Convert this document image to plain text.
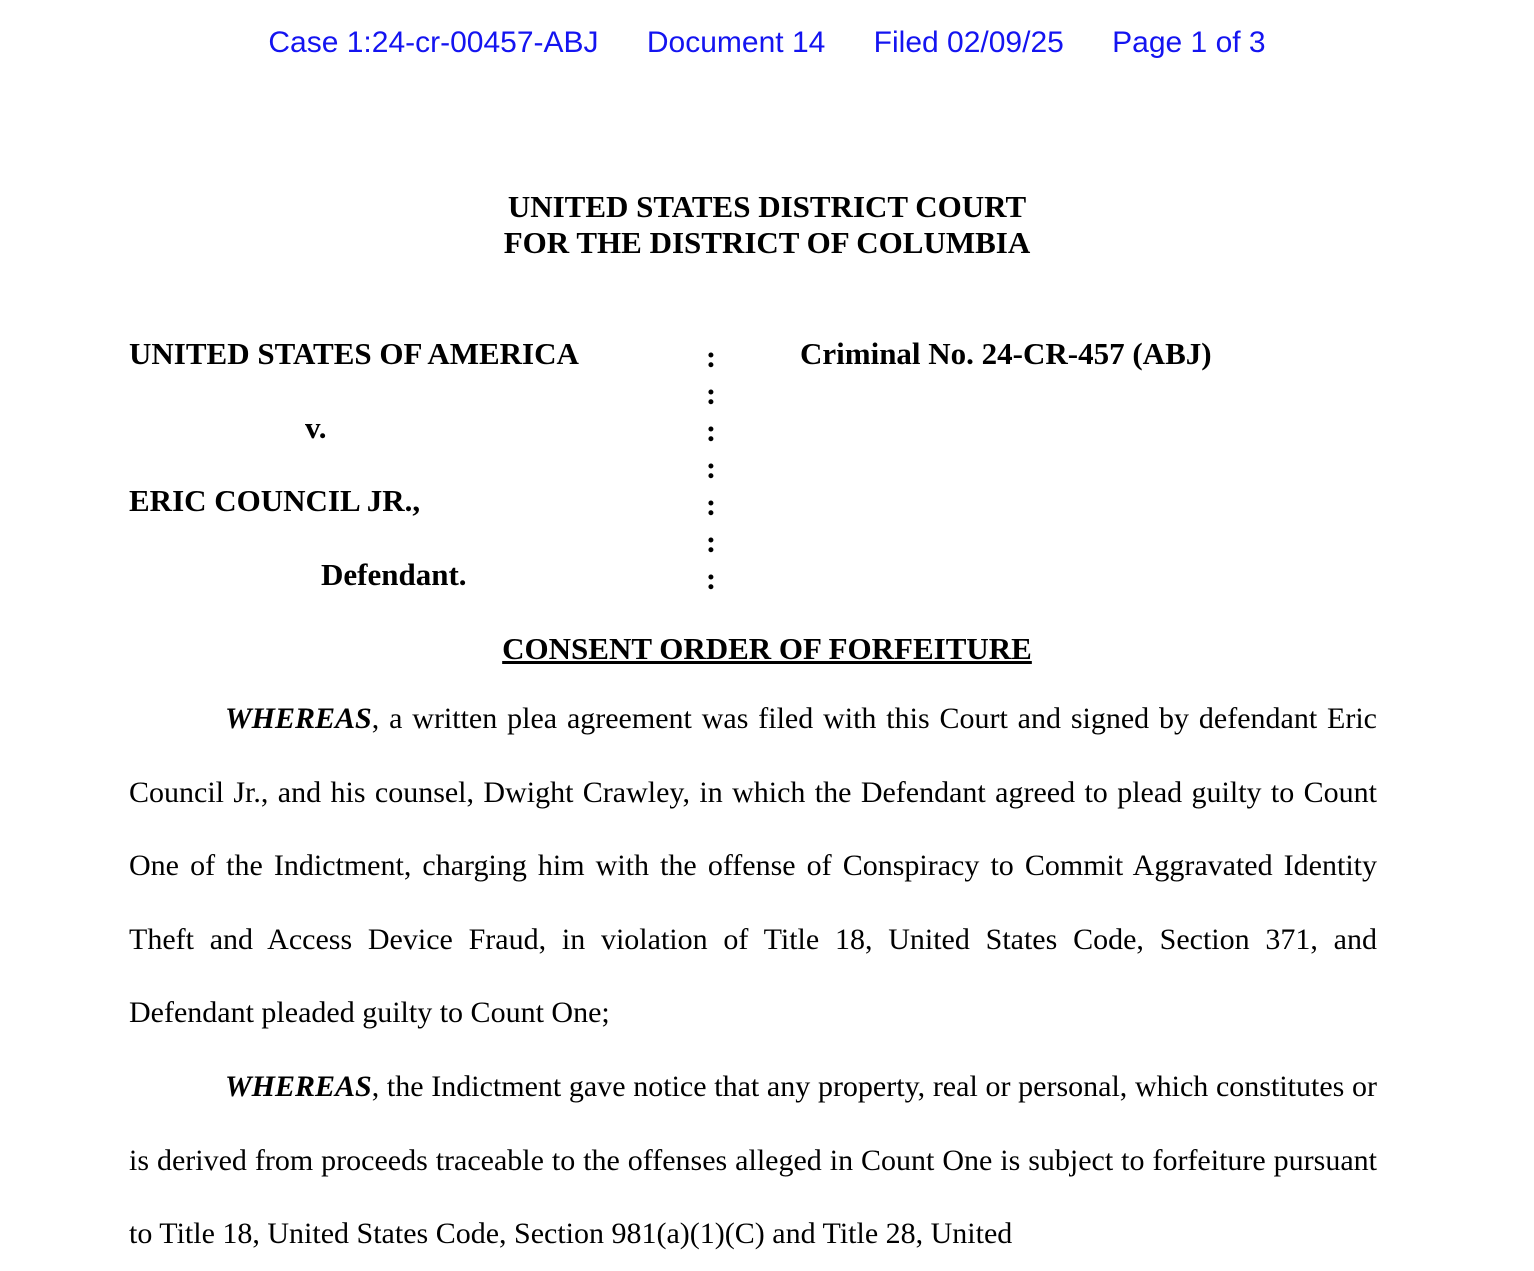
Case 1:24-cr-00457-ABJ Document 14 Filed 02/09/25 Page 1 of 3
UNITED STATES DISTRICT COURT
FOR THE DISTRICT OF COLUMBIA
UNITED STATES OF AMERICA
v.
ERIC COUNCIL JR.,
Defendant.
:
:
:
:
:
:
:
Criminal No. 24-CR-457 (ABJ)
CONSENT ORDER OF FORFEITURE
WHEREAS, a written plea agreement was filed with this Court and signed by defendant Eric Council Jr., and his counsel, Dwight Crawley, in which the Defendant agreed to plead guilty to Count One of the Indictment, charging him with the offense of Conspiracy to Commit Aggravated Identity Theft and Access Device Fraud, in violation of Title 18, United States Code, Section 371, and Defendant pleaded guilty to Count One;
WHEREAS, the Indictment gave notice that any property, real or personal, which constitutes or is derived from proceeds traceable to the offenses alleged in Count One is subject to forfeiture pursuant to Title 18, United States Code, Section 981(a)(1)(C) and Title 28, United
